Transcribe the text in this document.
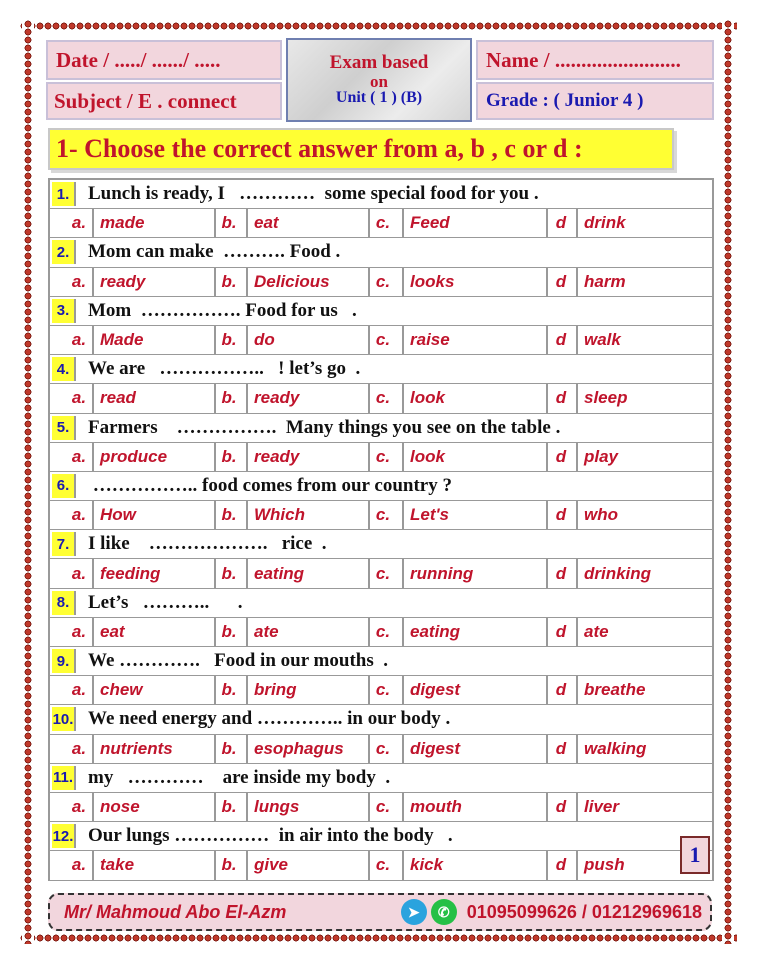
Date / ...../ ....../ .....
Subject / E . connect
Exam based
on
Unit ( 1 ) (B)
Name / ........................
Grade : ( Junior 4 )
1- Choose the correct answer from a, b , c or d :
1. Lunch is ready, I   …………  some special food for you .
a. made	b.	eat	c.	Feed	d	drink
2. Mom can make  ………. Food .
a. ready	b.	Delicious	c.	looks	d	harm
3. Mom  ……………. Food for us   .
a. Made	b.	do	c.	raise	d	walk
4. We are   ……………..   ! let’s go  .
a. read	b.	ready	c.	look	d	sleep
5. Farmers    …………….  Many things you see on the table .
a. produce	b.	ready	c.	look	d	play
6. …………….. food comes from our country ?
a. How	b.	Which	c.	Let's	d	who
7. I like    ……………….   rice  .
a. feeding	b.	eating	c.	running	d	drinking
8. Let’s   ………..      .
a. eat	b.	ate	c.	eating	d	ate
9. We ………….   Food in our mouths  .
a. chew	b.	bring	c.	digest	d	breathe
10. We need energy and ………….. in our body .
a. nutrients	b.	esophagus	c.	digest	d	walking
11. my   …………    are inside my body  .
a. nose	b.	lungs	c.	mouth	d	liver
12. Our lungs ……………  in air into the body   .
a. take	b.	give	c.	kick	d	push	1
Mr/ Mahmoud Abo El-Azm	➤	✆ 01095099626 / 01212969618
